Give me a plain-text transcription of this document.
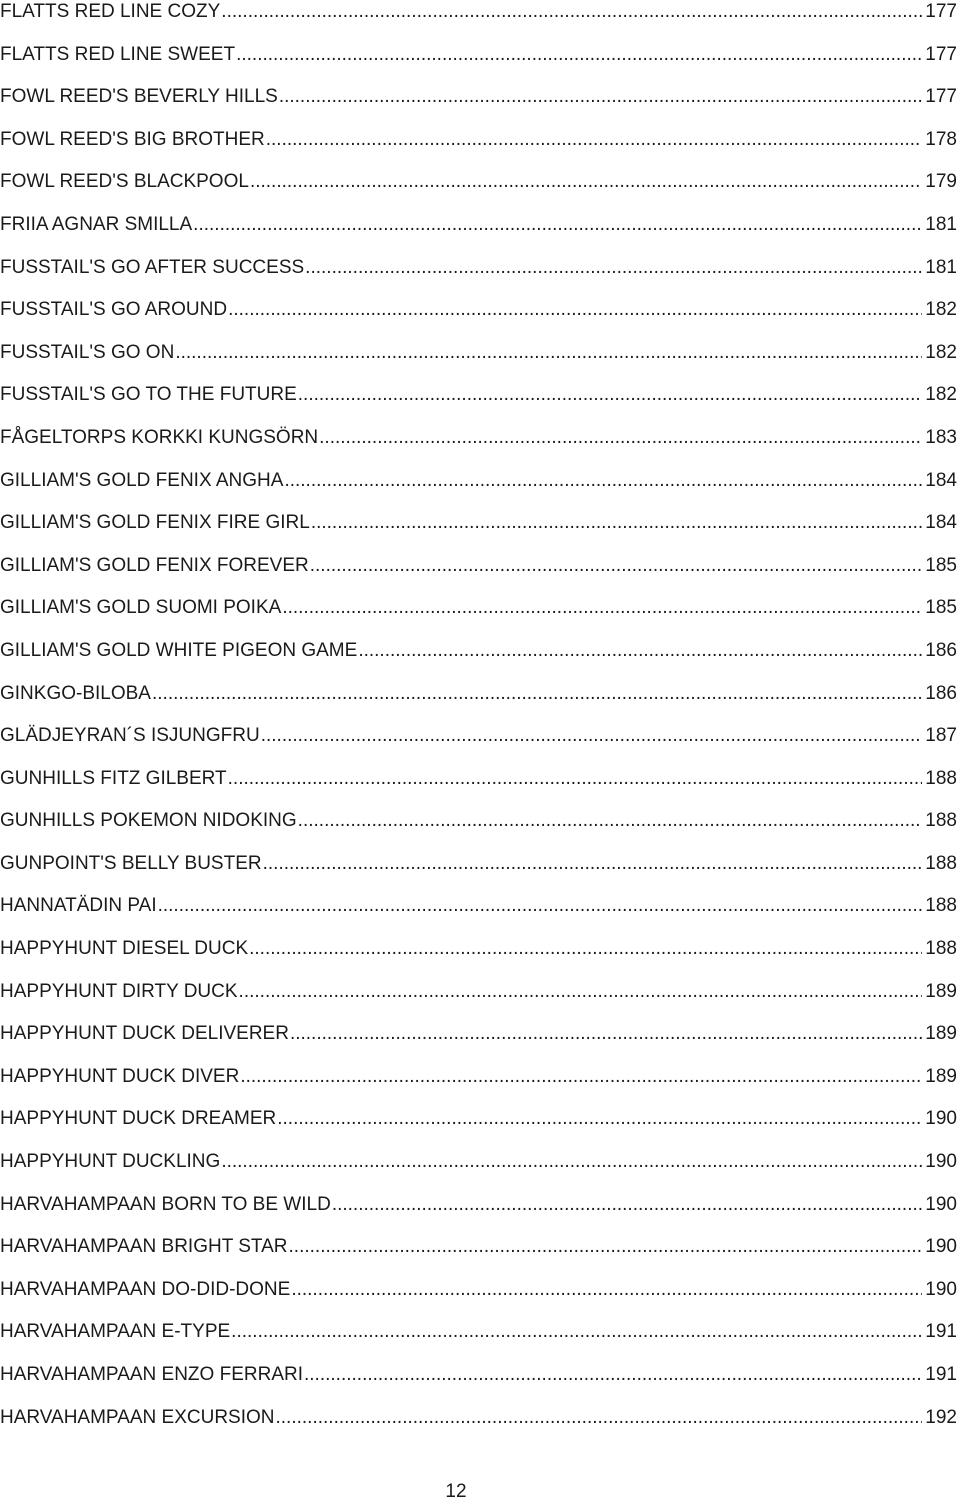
FLATTS RED LINE COZY .....	177
FLATTS RED LINE SWEET .....	177
FOWL REED'S BEVERLY HILLS .....	177
FOWL REED'S BIG BROTHER .....	178
FOWL REED'S BLACKPOOL .....	179
FRIIA AGNAR SMILLA .....	181
FUSSTAIL'S GO AFTER SUCCESS .....	181
FUSSTAIL'S GO AROUND .....	182
FUSSTAIL'S GO ON .....	182
FUSSTAIL'S GO TO THE FUTURE .....	182
FÅGELTORPS KORKKI KUNGSÖRN .....	183
GILLIAM'S GOLD FENIX ANGHA .....	184
GILLIAM'S GOLD FENIX FIRE GIRL .....	184
GILLIAM'S GOLD FENIX FOREVER .....	185
GILLIAM'S GOLD SUOMI POIKA .....	185
GILLIAM'S GOLD WHITE PIGEON GAME .....	186
GINKGO-BILOBA .....	186
GLÄDJEYRAN´S ISJUNGFRU .....	187
GUNHILLS FITZ GILBERT .....	188
GUNHILLS POKEMON NIDOKING .....	188
GUNPOINT'S BELLY BUSTER .....	188
HANNATÄDIN PAI .....	188
HAPPYHUNT DIESEL DUCK .....	188
HAPPYHUNT DIRTY DUCK .....	189
HAPPYHUNT DUCK DELIVERER .....	189
HAPPYHUNT DUCK DIVER .....	189
HAPPYHUNT DUCK DREAMER .....	190
HAPPYHUNT DUCKLING .....	190
HARVAHAMPAAN BORN TO BE WILD .....	190
HARVAHAMPAAN BRIGHT STAR .....	190
HARVAHAMPAAN DO-DID-DONE .....	190
HARVAHAMPAAN E-TYPE .....	191
HARVAHAMPAAN ENZO FERRARI .....	191
HARVAHAMPAAN EXCURSION .....	192
12
